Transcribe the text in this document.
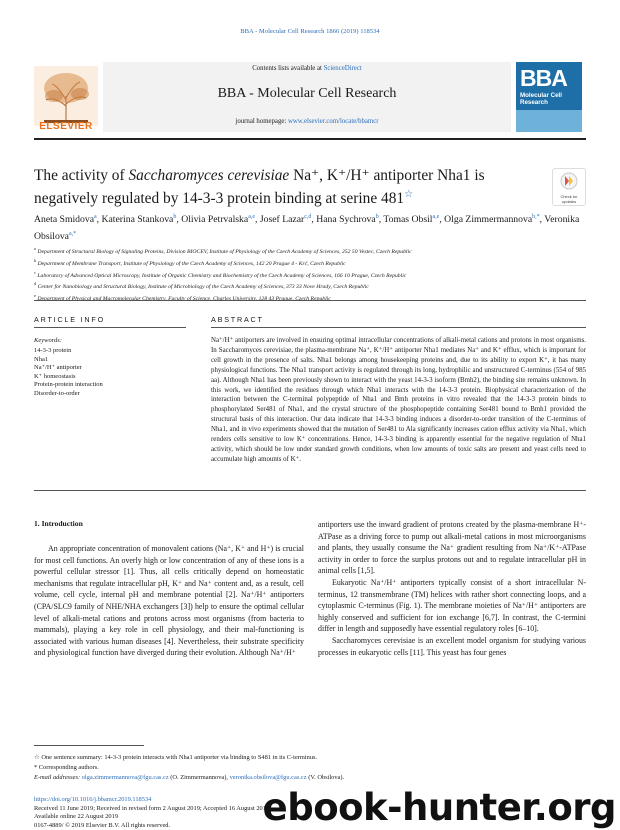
BBA - Molecular Cell Research 1866 (2019) 118534
Contents lists available at ScienceDirect
BBA - Molecular Cell Research
journal homepage: www.elsevier.com/locate/bbamcr
ELSEVIER
BBA
Molecular Cell Research
The activity of Saccharomyces cerevisiae Na⁺, K⁺/H⁺ antiporter Nha1 is negatively regulated by 14-3-3 protein binding at serine 481☆	Check for updates
Aneta Smidova$^a$, Katerina Stankova$^b$, Olivia Petrvalska$^{a,e}$, Josef Lazar$^{c,d}$, Hana Sychrova$^b$, Tomas Obsil$^{a,e}$, Olga Zimmermannova$^{b,*}$, Veronika Obsilova$^{a,*}$
$^a$ Department of Structural Biology of Signaling Proteins, Division BIOCEV, Institute of Physiology of the Czech Academy of Sciences, 252 50 Vestec, Czech Republic
$^b$ Department of Membrane Transport, Institute of Physiology of the Czech Academy of Sciences, 142 20 Prague 4 - Krč, Czech Republic
$^c$ Laboratory of Advanced Optical Microscopy, Institute of Organic Chemistry and Biochemistry of the Czech Academy of Sciences, 166 10 Prague, Czech Republic
$^d$ Center for Nanobiology and Structural Biology, Institute of Microbiology of the Czech Academy of Sciences, 373 33 Nove Hrady, Czech Republic
$^e$
ARTICLE INFO
Keywords:
14-3-3 protein
Nha1
Na⁺/H⁺ antiporter
K⁺ homeostasis
Protein-protein interaction
Disorder-to-order
ABSTRACT
Na⁺/H⁺ antiporters are involved in ensuring optimal intracellular concentrations of alkali-metal cations and protons in most organisms. In Saccharomyces cerevisiae, the plasma-membrane Na⁺, K⁺/H⁺ antiporter Nha1 mediates Na⁺ and K⁺ efflux, which is important for cell growth in the presence of salts. Nha1 belongs among housekeeping proteins and, due to its ability to export K⁺, it has many physiological functions. The Nha1 transport activity is regulated through its long, hydrophilic and unstructured C-terminus (554 of 985 aa). Although Nha1 has been previously shown to interact with the yeast 14-3-3 isoform (Bmh2), the binding site remains unknown. In this work, we identified the residues through which Nha1 interacts with the 14-3-3 protein. Biophysical characterization of the interaction between the C-terminal polypeptide of Nha1 and Bmh proteins in vitro revealed that the 14-3-3 protein binds to phosphorylated Ser481 of Nha1, and the crystal structure of the phosphopeptide containing Ser481 bound to Bmh1 provided the structural basis of this interaction. Our data indicate that 14-3-3 binding induces a disorder-to-order transition of the C-terminus of Nha1, and in vivo experiments showed that the mutation of Ser481 to Ala significantly increases cation efflux activity via Nha1, which renders cells sensitive to low K⁺ concentrations. Hence, 14-3-3 binding is apparently essential for the negative regulation of Nha1 activity, which should be low under standard growth conditions, when low amounts of toxic salts are present and yeast cells need to accumulate high amounts of K⁺.
1. Introduction
An appropriate concentration of monovalent cations (Na⁺, K⁺ and H⁺) is crucial for most cell functions. An overly high or low concentration of any of these ions is a powerful cellular stressor [1]. Thus, all cells critically depend on homeostatic mechanisms that regulate intracellular pH, K⁺ and Na⁺ content and, as a result, cell volume, cell cycle, internal pH and membrane potential [2]. Na⁺/H⁺ antiporters (CPA/SLC9 family of NHE/NHA exchangers [3]) help to ensure the optimal cellular level of alkali-metal cations and protons across most organisms (from bacteria to mammals), playing a key role in cell physiology, and their mal-functioning is associated with various human diseases [4]. Nevertheless, their substrate specificity and physiological function have diverged during their evolution. Although Na⁺/H⁺
antiporters use the inward gradient of protons created by the plasma-membrane H⁺-ATPase as a driving force to pump out alkali-metal cations in most microorganisms and plants, they usually consume the Na⁺ gradient resulting from Na⁺/K⁺-ATPase activity in order to force the surplus protons out and to regulate intracellular pH in animal cells [1,5].
Eukaryotic Na⁺/H⁺ antiporters typically consist of a short intracellular N-terminus, 12 transmembrane (TM) helices with rather short connecting loops, and a cytoplasmic C-terminus (Fig. 1). The membrane moieties of Na⁺/H⁺ antiporters are highly conserved and sufficient for ion exchange [6,7]. In contrast, the C-termini differ in length and supposedly have essential regulatory roles [6–10].
Saccharomyces cerevisiae is an excellent model organism for studying various processes in eukaryotic cells [11]. This yeast has four genes
☆ One sentence summary: 14-3-3 protein interacts with Nha1 antiporter via binding to S481 in its C-terminus.
* Corresponding authors.
E-mail addresses: olga.zimmermannova@fgu.cas.cz (O. Zimmermannova), veronika.obsilova@fgu.cas.cz (V. Obsilova).
https://doi.org/10.1016/j.bbamcr.2019.118534
Received 11 June 2019; Received in revised form 2 August 2019; Accepted 16 August 2019
Available online 22 August 2019
0167-4889/ © 2019 Elsevier B.V. All rights reserved.	ebook-hunter.org
